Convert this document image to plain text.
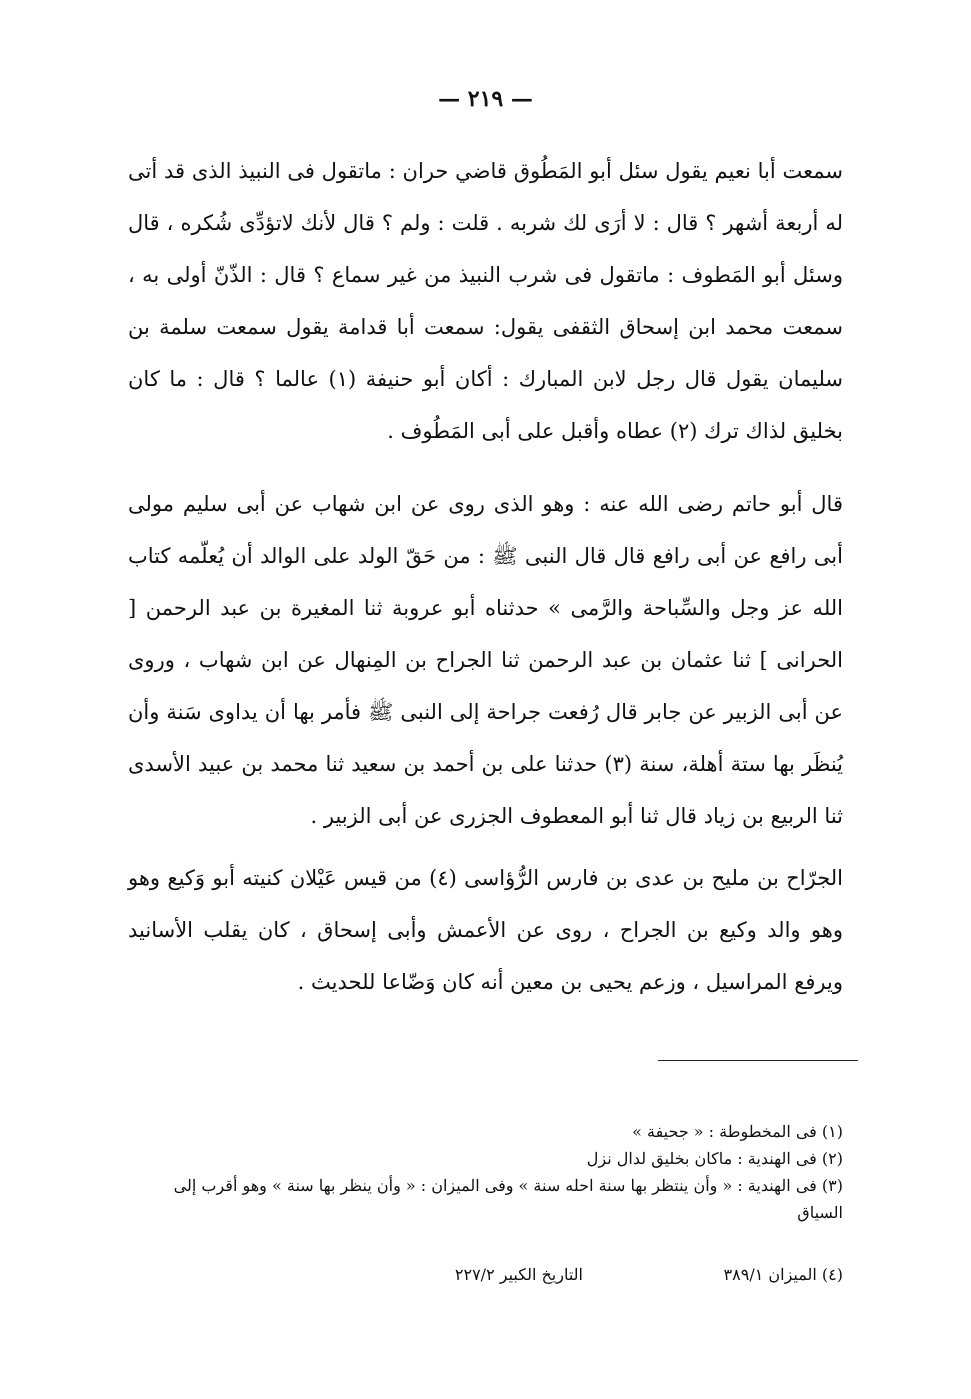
— ٢١٩ —

سمعت أبا نعيم يقول سئل أبو المَطُوق قاضي حران : ماتقول فى النبيذ الذى قد أتى له أربعة أشهر ؟ قال : لا أرَى لك شربه . قلت : ولم ؟ قال لأنك لاتؤدِّى شُكره ، قال وسئل أبو المَطوف : ماتقول فى شرب النبيذ من غير سماع ؟ قال : الذّنّ أولى به ، سمعت محمد ابن إسحاق الثقفى يقول: سمعت أبا قدامة يقول سمعت سلمة بن سليمان يقول قال رجل لابن المبارك : أكان أبو حنيفة (١) عالما ؟ قال : ما كان بخليق لذاك ترك (٢) عطاه وأقبل على أبى المَطُوف .

قال أبو حاتم رضى الله عنه : وهو الذى روى عن ابن شهاب عن أبى سليم مولى أبى رافع عن أبى رافع قال قال النبى ﷺ : من حَقّ الولد على الوالد أن يُعلّمه كتاب الله عز وجل والسِّباحة والرَّمى » حدثناه أبو عروبة ثنا المغيرة بن عبد الرحمن [ الحرانى ] ثنا عثمان بن عبد الرحمن ثنا الجراح بن المِنهال عن ابن شهاب ، وروى عن أبى الزبير عن جابر قال رُفعت جراحة إلى النبى ﷺ فأمر بها أن يداوى سَنة وأن يُنظَر بها ستة أهلة، سنة (٣) حدثنا على بن أحمد بن سعيد ثنا محمد بن عبيد الأسدى ثنا الربيع بن زياد قال ثنا أبو المعطوف الجزرى عن أبى الزبير .

الجرّاح بن مليح بن عدى بن فارس الرُّؤاسى (٤) من قيس عَيْلان كنيته أبو وَكيع وهو وهو والد وكيع بن الجراح ، روى عن الأعمش وأبى إسحاق ، كان يقلب الأسانيد ويرفع المراسيل ، وزعم يحيى بن معين أنه كان وَضّاعا للحديث .

(١) فى المخطوطة : « جحيفة »

(٢) فى الهندية : ماكان بخليق لدال نزل

(٣) فى الهندية : « وأن ينتظر بها سنة احله سنة » وفى الميزان : « وأن ينظر بها سنة » وهو أقرب إلى السياق

(٤) الميزان ٣٨٩/١
التاريخ الكبير ٢٢٧/٢
